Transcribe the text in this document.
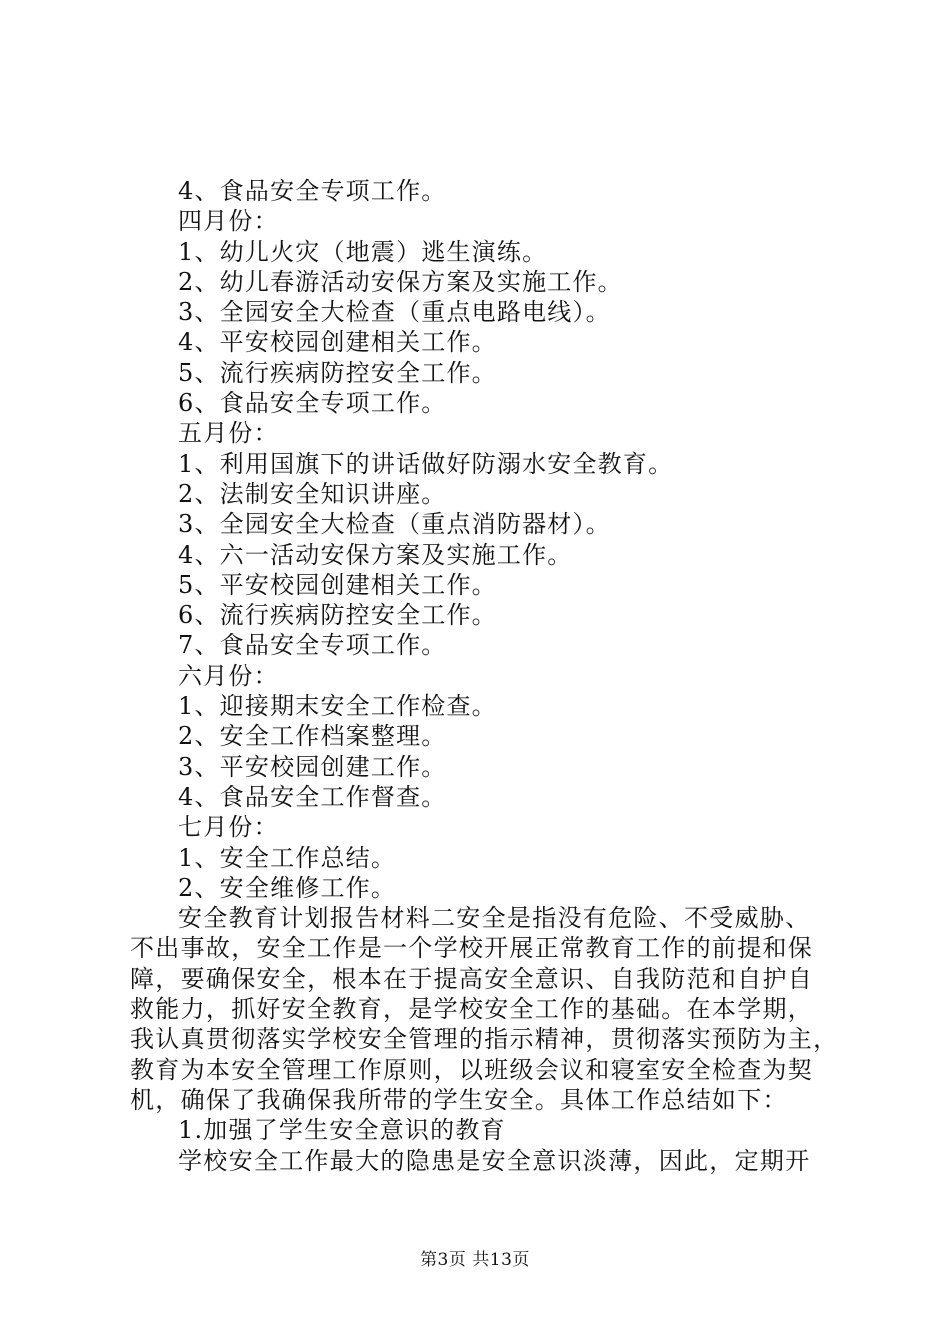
4、食品安全专项工作。
四月份：
1、幼儿火灾（地震）逃生演练。
2、幼儿春游活动安保方案及实施工作。
3、全园安全大检查（重点电路电线）。
4、平安校园创建相关工作。
5、流行疾病防控安全工作。
6、食品安全专项工作。
五月份：
1、利用国旗下的讲话做好防溺水安全教育。
2、法制安全知识讲座。
3、全园安全大检查（重点消防器材）。
4、六一活动安保方案及实施工作。
5、平安校园创建相关工作。
6、流行疾病防控安全工作。
7、食品安全专项工作。
六月份：
1、迎接期末安全工作检查。
2、安全工作档案整理。
3、平安校园创建工作。
4、食品安全工作督查。
七月份：
1、安全工作总结。
2、安全维修工作。
安全教育计划报告材料二安全是指没有危险、不受威胁、
不出事故，安全工作是一个学校开展正常教育工作的前提和保
障，要确保安全，根本在于提高安全意识、自我防范和自护自
救能力，抓好安全教育，是学校安全工作的基础。在本学期，
我认真贯彻落实学校安全管理的指示精神，贯彻落实预防为主，
教育为本安全管理工作原则，以班级会议和寝室安全检查为契
机，确保了我确保我所带的学生安全。具体工作总结如下：
1.加强了学生安全意识的教育
学校安全工作最大的隐患是安全意识淡薄，因此，定期开
第3页 共13页
